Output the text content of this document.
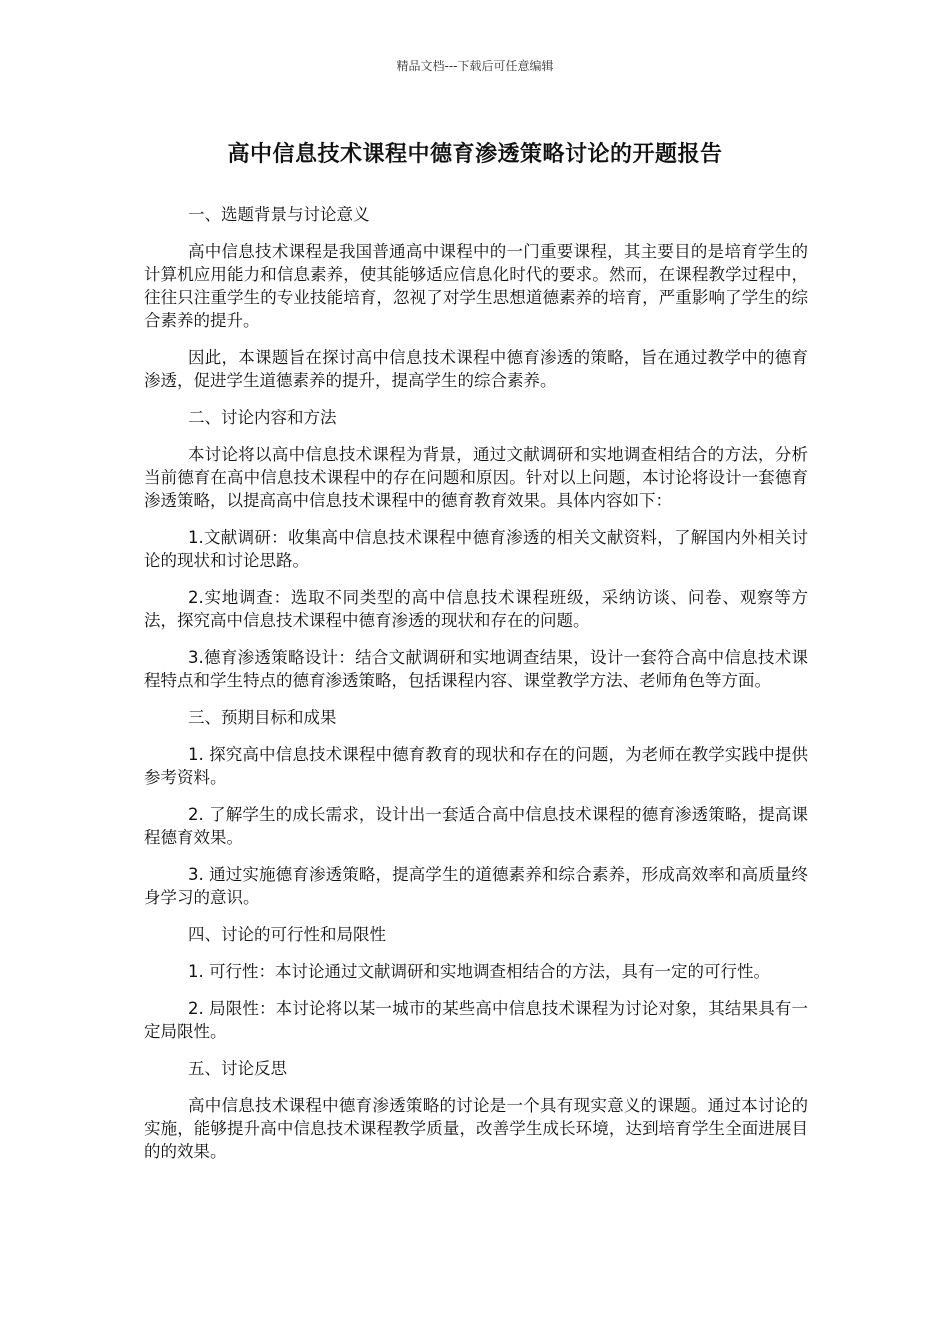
精品文档---下载后可任意编辑
高中信息技术课程中德育渗透策略讨论的开题报告

一、选题背景与讨论意义

高中信息技术课程是我国普通高中课程中的一门重要课程，其主要目的是培育学生的计算机应用能力和信息素养，使其能够适应信息化时代的要求。然而，在课程教学过程中，往往只注重学生的专业技能培育，忽视了对学生思想道德素养的培育，严重影响了学生的综合素养的提升。

因此，本课题旨在探讨高中信息技术课程中德育渗透的策略，旨在通过教学中的德育渗透，促进学生道德素养的提升，提高学生的综合素养。

二、讨论内容和方法

本讨论将以高中信息技术课程为背景，通过文献调研和实地调查相结合的方法，分析当前德育在高中信息技术课程中的存在问题和原因。针对以上问题，本讨论将设计一套德育渗透策略，以提高高中信息技术课程中的德育教育效果。具体内容如下：

1.文献调研：收集高中信息技术课程中德育渗透的相关文献资料，了解国内外相关讨论的现状和讨论思路。

2.实地调查：选取不同类型的高中信息技术课程班级，采纳访谈、问卷、观察等方法，探究高中信息技术课程中德育渗透的现状和存在的问题。

3.德育渗透策略设计：结合文献调研和实地调查结果，设计一套符合高中信息技术课程特点和学生特点的德育渗透策略，包括课程内容、课堂教学方法、老师角色等方面。

三、预期目标和成果

1. 探究高中信息技术课程中德育教育的现状和存在的问题，为老师在教学实践中提供参考资料。

2. 了解学生的成长需求，设计出一套适合高中信息技术课程的德育渗透策略，提高课程德育效果。

3. 通过实施德育渗透策略，提高学生的道德素养和综合素养，形成高效率和高质量终身学习的意识。

四、讨论的可行性和局限性

1. 可行性：本讨论通过文献调研和实地调查相结合的方法，具有一定的可行性。

2. 局限性：本讨论将以某一城市的某些高中信息技术课程为讨论对象，其结果具有一定局限性。

五、讨论反思

高中信息技术课程中德育渗透策略的讨论是一个具有现实意义的课题。通过本讨论的实施，能够提升高中信息技术课程教学质量，改善学生成长环境，达到培育学生全面进展目的的效果。
